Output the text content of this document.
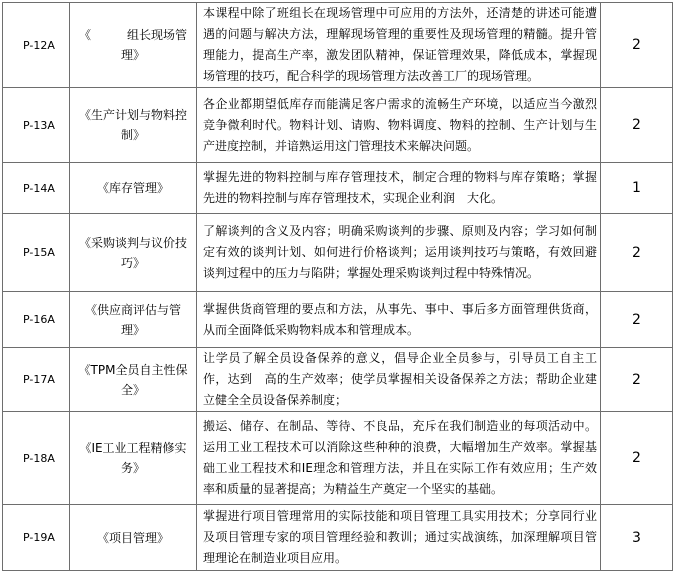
P-12A	《　　　组长现场管理》	本课程中除了班组长在现场管理中可应用的方法外，还清楚的讲述可能遭遇的问题与解决方法，理解现场管理的重要性及现场管理的精髓。提升管理能力，提高生产率，激发团队精神，保证管理效果，降低成本，掌握现场管理的技巧，配合科学的现场管理方法改善工厂的现场管理。	2
P-13A	《生产计划与物料控制》	各企业都期望低库存而能满足客户需求的流畅生产环境，以适应当今激烈竞争微利时代。物料计划、请购、物料调度、物料的控制、生产计划与生产进度控制，并谙熟运用这门管理技术来解决问题。	2
P-14A	《库存管理》	掌握先进的物料控制与库存管理技术，制定合理的物料与库存策略；掌握先进的物料控制与库存管理技术，实现企业利润　大化。	1
P-15A	《采购谈判与议价技巧》	了解谈判的含义及内容；明确采购谈判的步骤、原则及内容；学习如何制定有效的谈判计划、如何进行价格谈判；运用谈判技巧与策略，有效回避谈判过程中的压力与陷阱；掌握处理采购谈判过程中特殊情况。	2
P-16A	《供应商评估与管理》	掌握供货商管理的要点和方法，从事先、事中、事后多方面管理供货商，从而全面降低采购物料成本和管理成本。	2
P-17A	《TPM全员自主性保全》	让学员了解全员设备保养的意义，倡导企业全员参与，引导员工自主工作，达到　高的生产效率；使学员掌握相关设备保养之方法；帮助企业建立健全全员设备保养制度；	2
P-18A	《IE工业工程精修实务》	搬运、储存、在制品、等待、不良品，充斥在我们制造业的每项活动中。运用工业工程技术可以消除这些种种的浪费，大幅增加生产效率。掌握基础工业工程技术和IE理念和管理方法，并且在实际工作有效应用；生产效率和质量的显著提高；为精益生产奠定一个坚实的基础。	2
P-19A	《项目管理》	掌握进行项目管理常用的实际技能和项目管理工具实用技术；分享同行业及项目管理专家的项目管理经验和教训；通过实战演练，加深理解项目管理理论在制造业项目应用。	3
